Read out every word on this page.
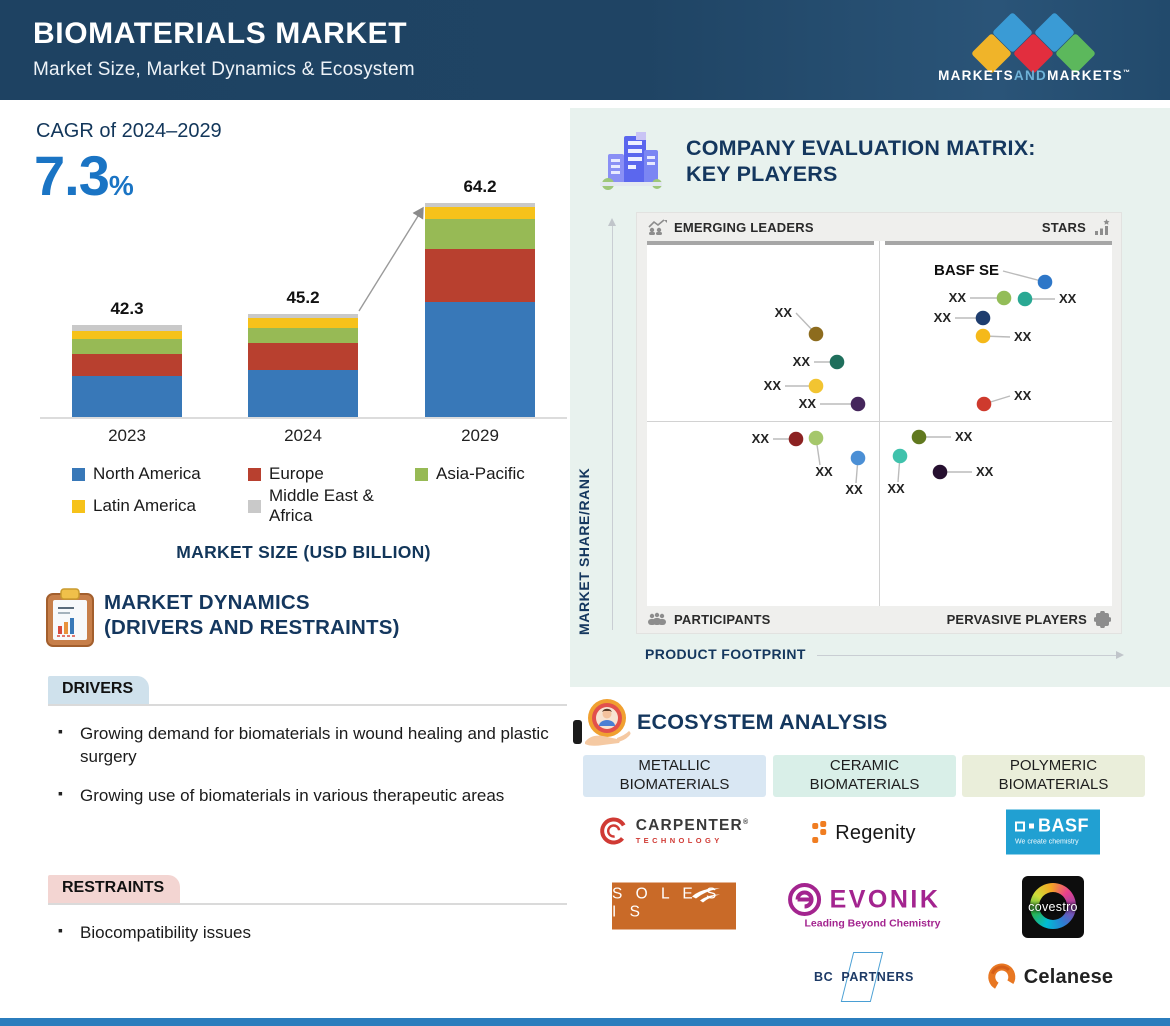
BIOMATERIALS MARKET
Market Size, Market Dynamics & Ecosystem	MARKETSANDMARKETS™
CAGR of 2024–2029
7.3%
42.3
2023
45.2
2024
64.2
2029
North America	Europe	Asia-Pacific
Latin America
Middle East & Africa
MARKET SIZE (USD BILLION)
MARKET DYNAMICS
(DRIVERS AND RESTRAINTS)
DRIVERS
▪ Growing demand for biomaterials in wound healing and plastic surgery
▪ Growing use of biomaterials in various therapeutic areas
RESTRAINTS
▪ Biocompatibility issues
COMPANY EVALUATION MATRIX:
KEY PLAYERS
EMERGING LEADERS	STARS
XX
XX
XX
XX
XX
XX
XX
BASF SE
XX	XX
XX
XX
XX
XX
XX
XX
PARTICIPANTS	PERVASIVE PLAYERS
MARKET SHARE/RANK
PRODUCT FOOTPRINT
ECOSYSTEM ANALYSIS
METALLIC
BIOMATERIALS
CERAMIC
BIOMATERIALS
POLYMERIC
BIOMATERIALS
CARPENTER®
TECHNOLOGY	Regenity	BASF
We create chemistry
S O L E S I S	EVONIK
Leading Beyond Chemistry
covestro
BC PARTNERS	Celanese
